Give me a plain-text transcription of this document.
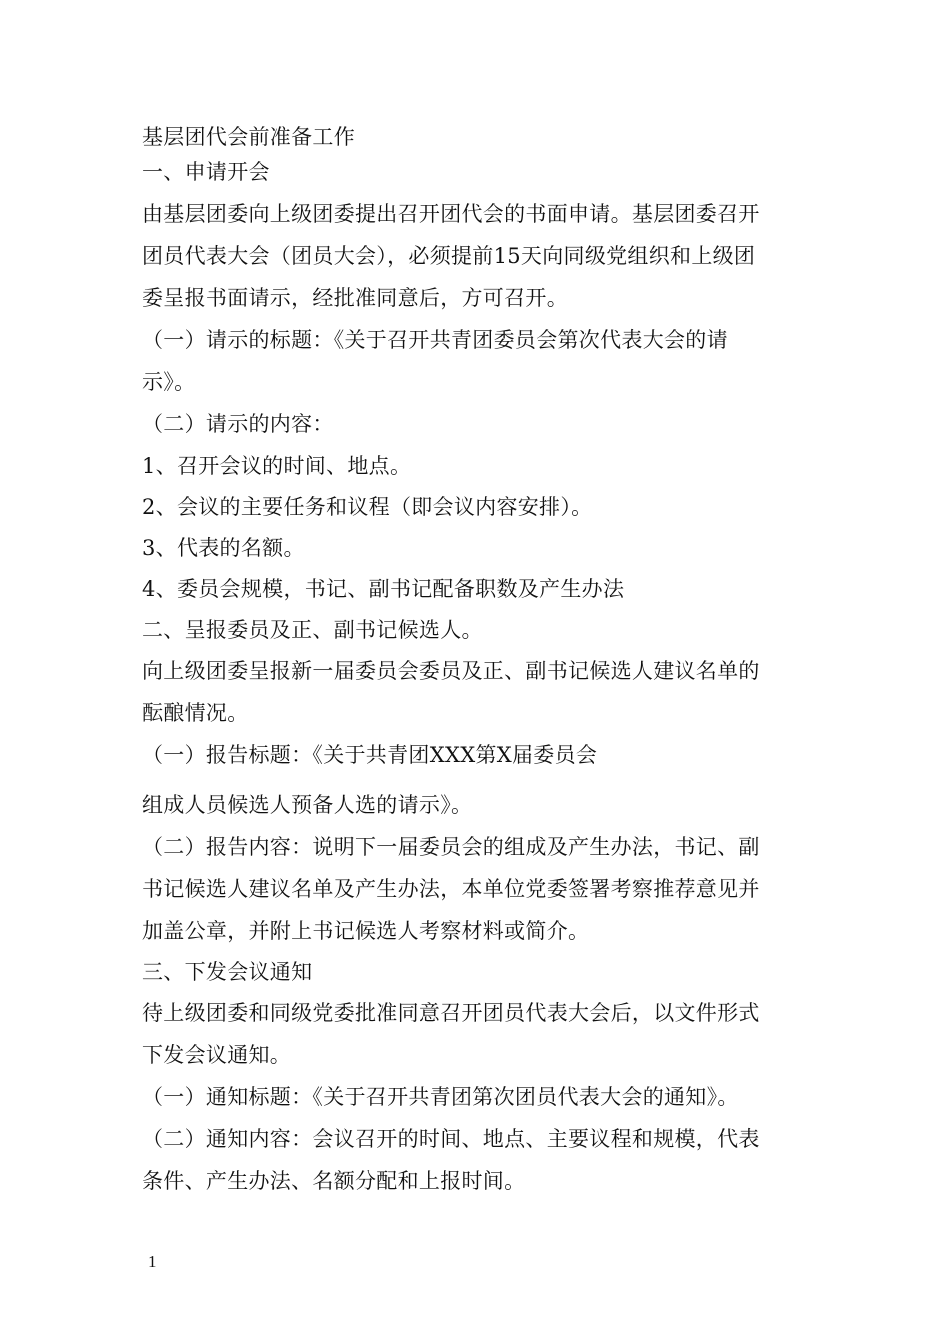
基层团代会前准备工作
一、申请开会
由基层团委向上级团委提出召开团代会的书面申请。基层团委召开
团员代表大会（团员大会），必须提前15天向同级党组织和上级团
委呈报书面请示，经批准同意后，方可召开。
（一）请示的标题：《关于召开共青团委员会第次代表大会的请
示》。
（二）请示的内容：
1、召开会议的时间、地点。
2、会议的主要任务和议程（即会议内容安排）。
3、代表的名额。
4、委员会规模，书记、副书记配备职数及产生办法
二、呈报委员及正、副书记候选人。
向上级团委呈报新一届委员会委员及正、副书记候选人建议名单的
酝酿情况。
（一）报告标题：《关于共青团XXX第X届委员会
组成人员候选人预备人选的请示》。
（二）报告内容：说明下一届委员会的组成及产生办法，书记、副
书记候选人建议名单及产生办法，本单位党委签署考察推荐意见并
加盖公章，并附上书记候选人考察材料或简介。
三、下发会议通知
待上级团委和同级党委批准同意召开团员代表大会后，以文件形式
下发会议通知。
（一）通知标题：《关于召开共青团第次团员代表大会的通知》。
（二）通知内容：会议召开的时间、地点、主要议程和规模，代表
条件、产生办法、名额分配和上报时间。
1
